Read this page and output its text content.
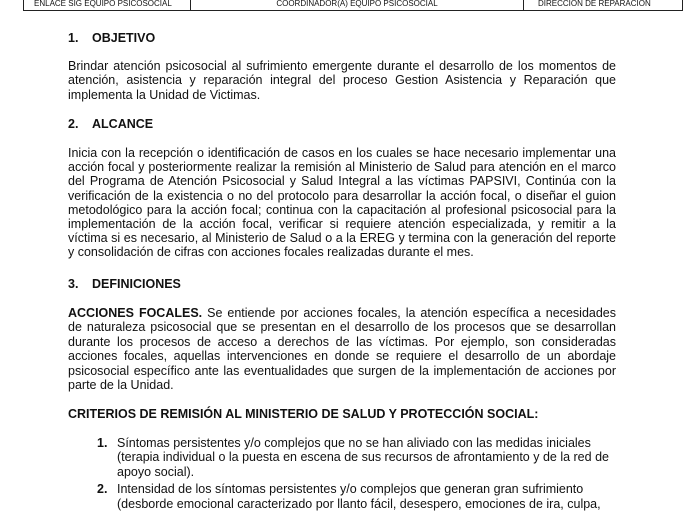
ENLACE SIG EQUIPO PSICOSOCIAL	COORDINADOR(A) EQUIPO PSICOSOCIAL	DIRECCIÓN DE REPARACIÓN
1. OBJETIVO

Brindar atención psicosocial al sufrimiento emergente durante el desarrollo de los momentos de atención, asistencia y reparación integral del proceso Gestion Asistencia y Reparación que implementa la Unidad de Victimas.

2. ALCANCE

Inicia con la recepción o identificación de casos en los cuales se hace necesario implementar una acción focal y posteriormente realizar la remisión al Ministerio de Salud para atención en el marco del Programa de Atención Psicosocial y Salud Integral a las víctimas PAPSIVI, Continúa con la verificación de la existencia o no del protocolo para desarrollar la acción focal, o diseñar el guion metodológico para la acción focal; continua con la capacitación al profesional psicosocial para la implementación de la acción focal, verificar si requiere atención especializada, y remitir a la víctima si es necesario, al Ministerio de Salud o a la EREG y termina con la generación del reporte y consolidación de cifras con acciones focales realizadas durante el mes.

3. DEFINICIONES

ACCIONES FOCALES. Se entiende por acciones focales, la atención específica a necesidades de naturaleza psicosocial que se presentan en el desarrollo de los procesos que se desarrollan durante los procesos de acceso a derechos de las víctimas. Por ejemplo, son consideradas acciones focales, aquellas intervenciones en donde se requiere el desarrollo de un abordaje psicosocial específico ante las eventualidades que surgen de la implementación de acciones por parte de la Unidad.

CRITERIOS DE REMISIÓN AL MINISTERIO DE SALUD Y PROTECCIÓN SOCIAL:
1. Síntomas persistentes y/o complejos que no se han aliviado con las medidas iniciales (terapia individual o la puesta en escena de sus recursos de afrontamiento y de la red de apoyo social).
2. Intensidad de los síntomas persistentes y/o complejos que generan gran sufrimiento (desborde emocional caracterizado por llanto fácil, desespero, emociones de ira, culpa,
